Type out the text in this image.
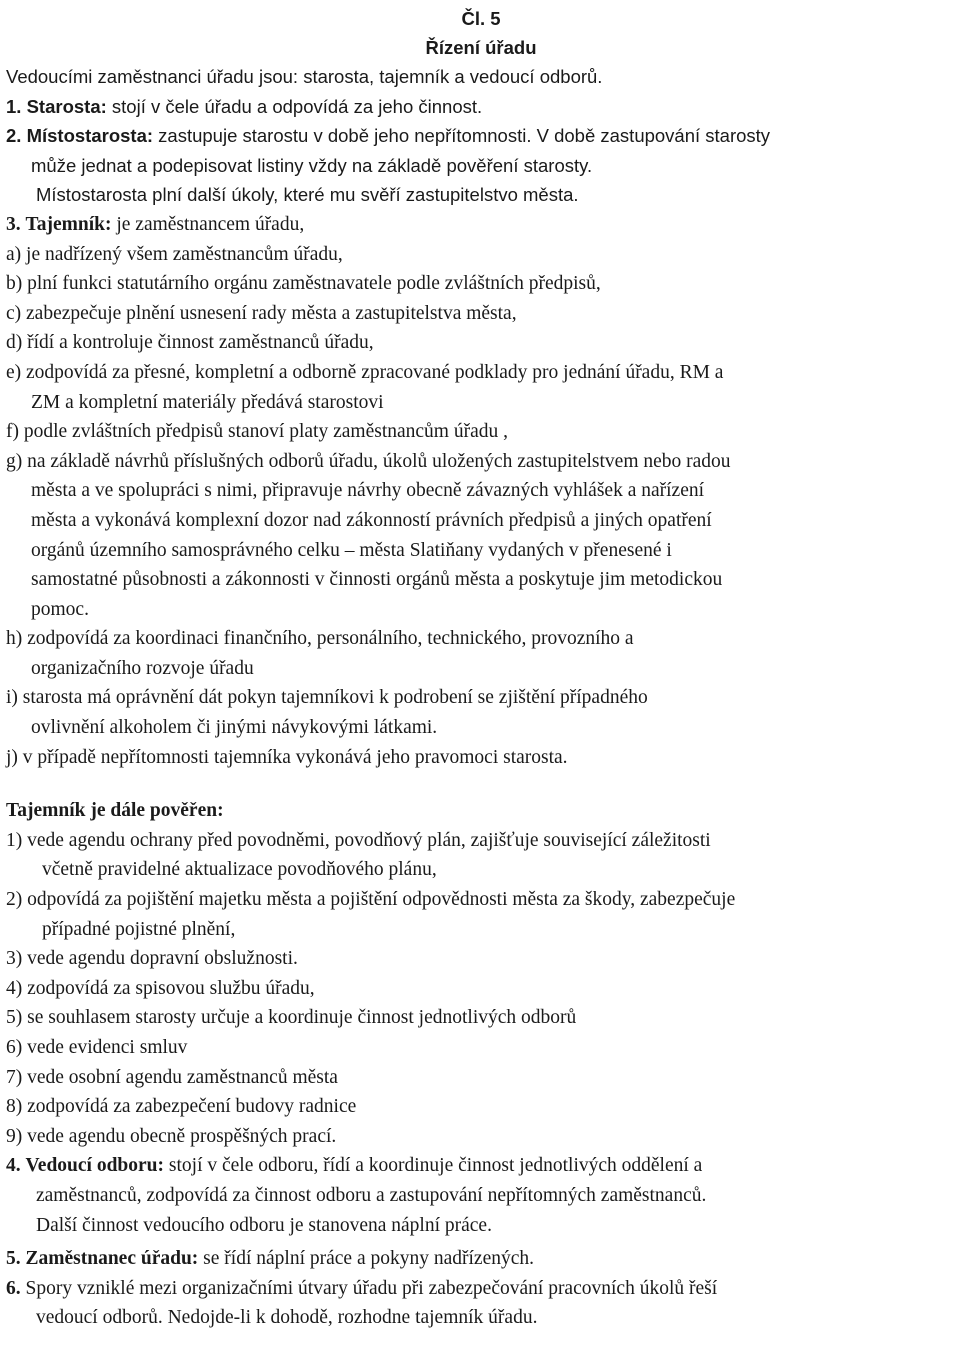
Čl. 5
Řízení úřadu
Vedoucími zaměstnanci úřadu jsou: starosta, tajemník a vedoucí odborů.
1. Starosta: stojí v čele úřadu a odpovídá za jeho činnost.
2. Místostarosta: zastupuje starostu v době jeho nepřítomnosti. V době zastupování starosty
může jednat a podepisovat listiny vždy na základě pověření starosty.
Místostarosta plní další úkoly, které mu svěří zastupitelstvo města.
3. Tajemník: je zaměstnancem úřadu,
a) je nadřízený všem zaměstnancům úřadu,
b) plní funkci statutárního orgánu zaměstnavatele podle zvláštních předpisů,
c) zabezpečuje plnění usnesení rady města a zastupitelstva města,
d) řídí a kontroluje činnost zaměstnanců úřadu,
e) zodpovídá za přesné, kompletní a odborně zpracované podklady pro jednání úřadu, RM a
ZM a kompletní materiály předává starostovi
f) podle zvláštních předpisů stanoví platy zaměstnancům úřadu ,
g) na základě návrhů příslušných odborů úřadu, úkolů uložených zastupitelstvem nebo radou
města a ve spolupráci s nimi, připravuje návrhy obecně závazných vyhlášek a nařízení
města a vykonává komplexní dozor nad zákonností právních předpisů a jiných opatření
orgánů územního samosprávného celku – města Slatiňany vydaných v přenesené i
samostatné působnosti a zákonnosti v činnosti orgánů města a poskytuje jim metodickou
pomoc.
h) zodpovídá za koordinaci finančního, personálního, technického, provozního a
organizačního rozvoje úřadu
i) starosta má oprávnění dát pokyn tajemníkovi k podrobení se zjištění případného
ovlivnění alkoholem či jinými návykovými látkami.
j) v případě nepřítomnosti tajemníka vykonává jeho pravomoci starosta.
Tajemník je dále pověřen:
1) vede agendu ochrany před povodněmi, povodňový plán, zajišťuje související záležitosti
včetně pravidelné aktualizace povodňového plánu,
2) odpovídá za pojištění majetku města a pojištění odpovědnosti města za škody, zabezpečuje
případné pojistné plnění,
3) vede agendu dopravní obslužnosti.
4) zodpovídá za spisovou službu úřadu,
5) se souhlasem starosty určuje a koordinuje činnost jednotlivých odborů
6) vede evidenci smluv
7) vede osobní agendu zaměstnanců města
8) zodpovídá za zabezpečení budovy radnice
9) vede agendu obecně prospěšných prací.
4. Vedoucí odboru: stojí v čele odboru, řídí a koordinuje činnost jednotlivých oddělení a
zaměstnanců, zodpovídá za činnost odboru a zastupování nepřítomných zaměstnanců.
Další činnost vedoucího odboru je stanovena náplní práce.
5. Zaměstnanec úřadu: se řídí náplní práce a pokyny nadřízených.
6. Spory vzniklé mezi organizačními útvary úřadu při zabezpečování pracovních úkolů řeší
vedoucí odborů. Nedojde-li k dohodě, rozhodne tajemník úřadu.
